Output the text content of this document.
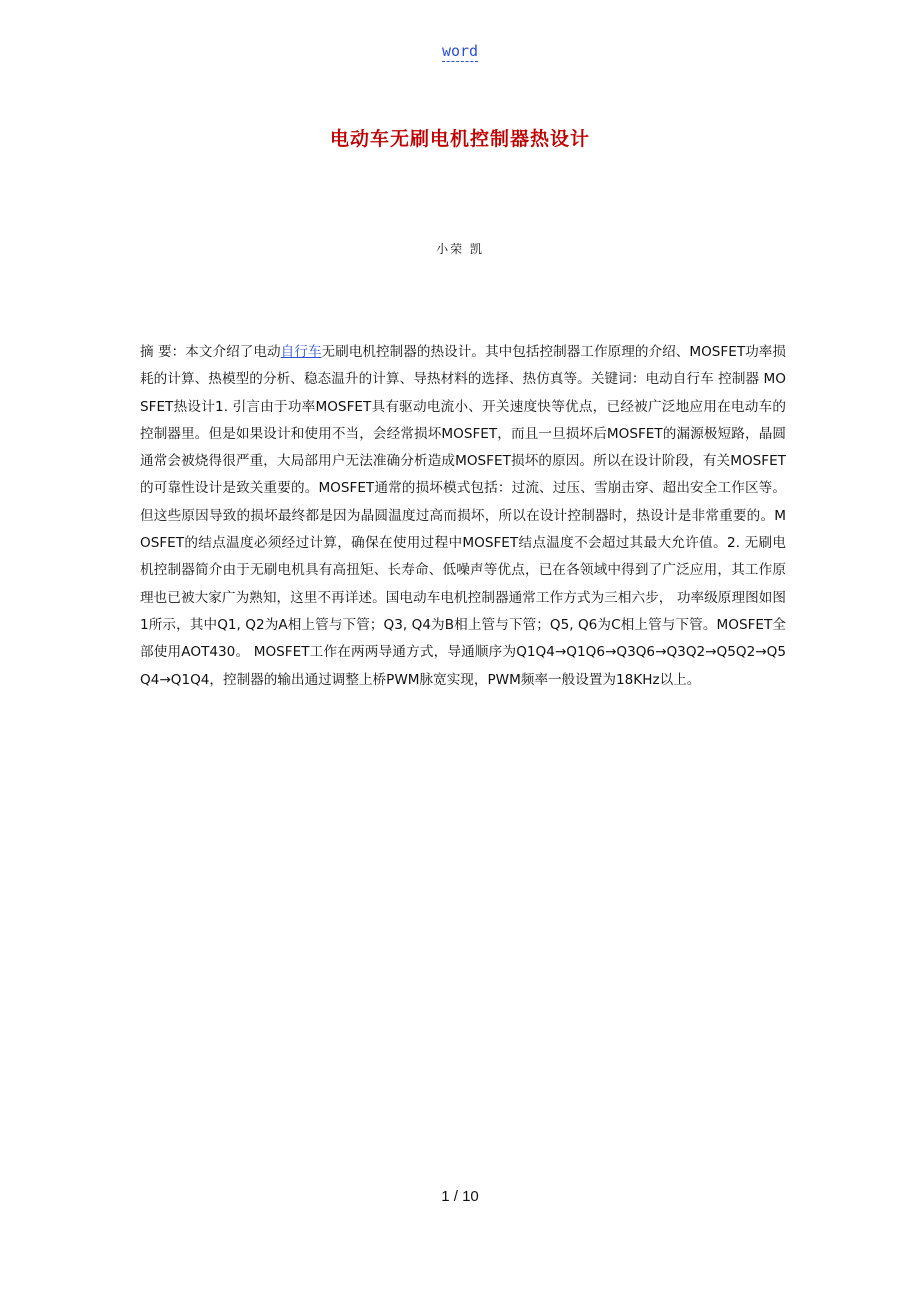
word
电动车无刷电机控制器热设计
小荣 凯
摘 要：本文介绍了电动自行车无刷电机控制器的热设计。其中包括控制器工作原理的介绍、MOSFET功率损耗的计算、热模型的分析、稳态温升的计算、导热材料的选择、热仿真等。关键词：电动自行车 控制器 MOSFET热设计1. 引言由于功率MOSFET具有驱动电流小、开关速度快等优点，已经被广泛地应用在电动车的控制器里。但是如果设计和使用不当，会经常损坏MOSFET，而且一旦损坏后MOSFET的漏源极短路，晶圆通常会被烧得很严重，大局部用户无法准确分析造成MOSFET损坏的原因。所以在设计阶段，有关MOSFET的可靠性设计是致关重要的。MOSFET通常的损坏模式包括：过流、过压、雪崩击穿、超出安全工作区等。但这些原因导致的损坏最终都是因为晶圆温度过高而损坏，所以在设计控制器时，热设计是非常重要的。MOSFET的结点温度必须经过计算，确保在使用过程中MOSFET结点温度不会超过其最大允许值。2. 无刷电机控制器简介由于无刷电机具有高扭矩、长寿命、低噪声等优点，已在各领域中得到了广泛应用，其工作原理也已被大家广为熟知，这里不再详述。国电动车电机控制器通常工作方式为三相六步， 功率级原理图如图1所示，其中Q1, Q2为A相上管与下管；Q3, Q4为B相上管与下管；Q5, Q6为C相上管与下管。MOSFET全部使用AOT430。 MOSFET工作在两两导通方式，导通顺序为Q1Q4→Q1Q6→Q3Q6→Q3Q2→Q5Q2→Q5Q4→Q1Q4，控制器的输出通过调整上桥PWM脉宽实现，PWM频率一般设置为18KHz以上。
1 / 10
